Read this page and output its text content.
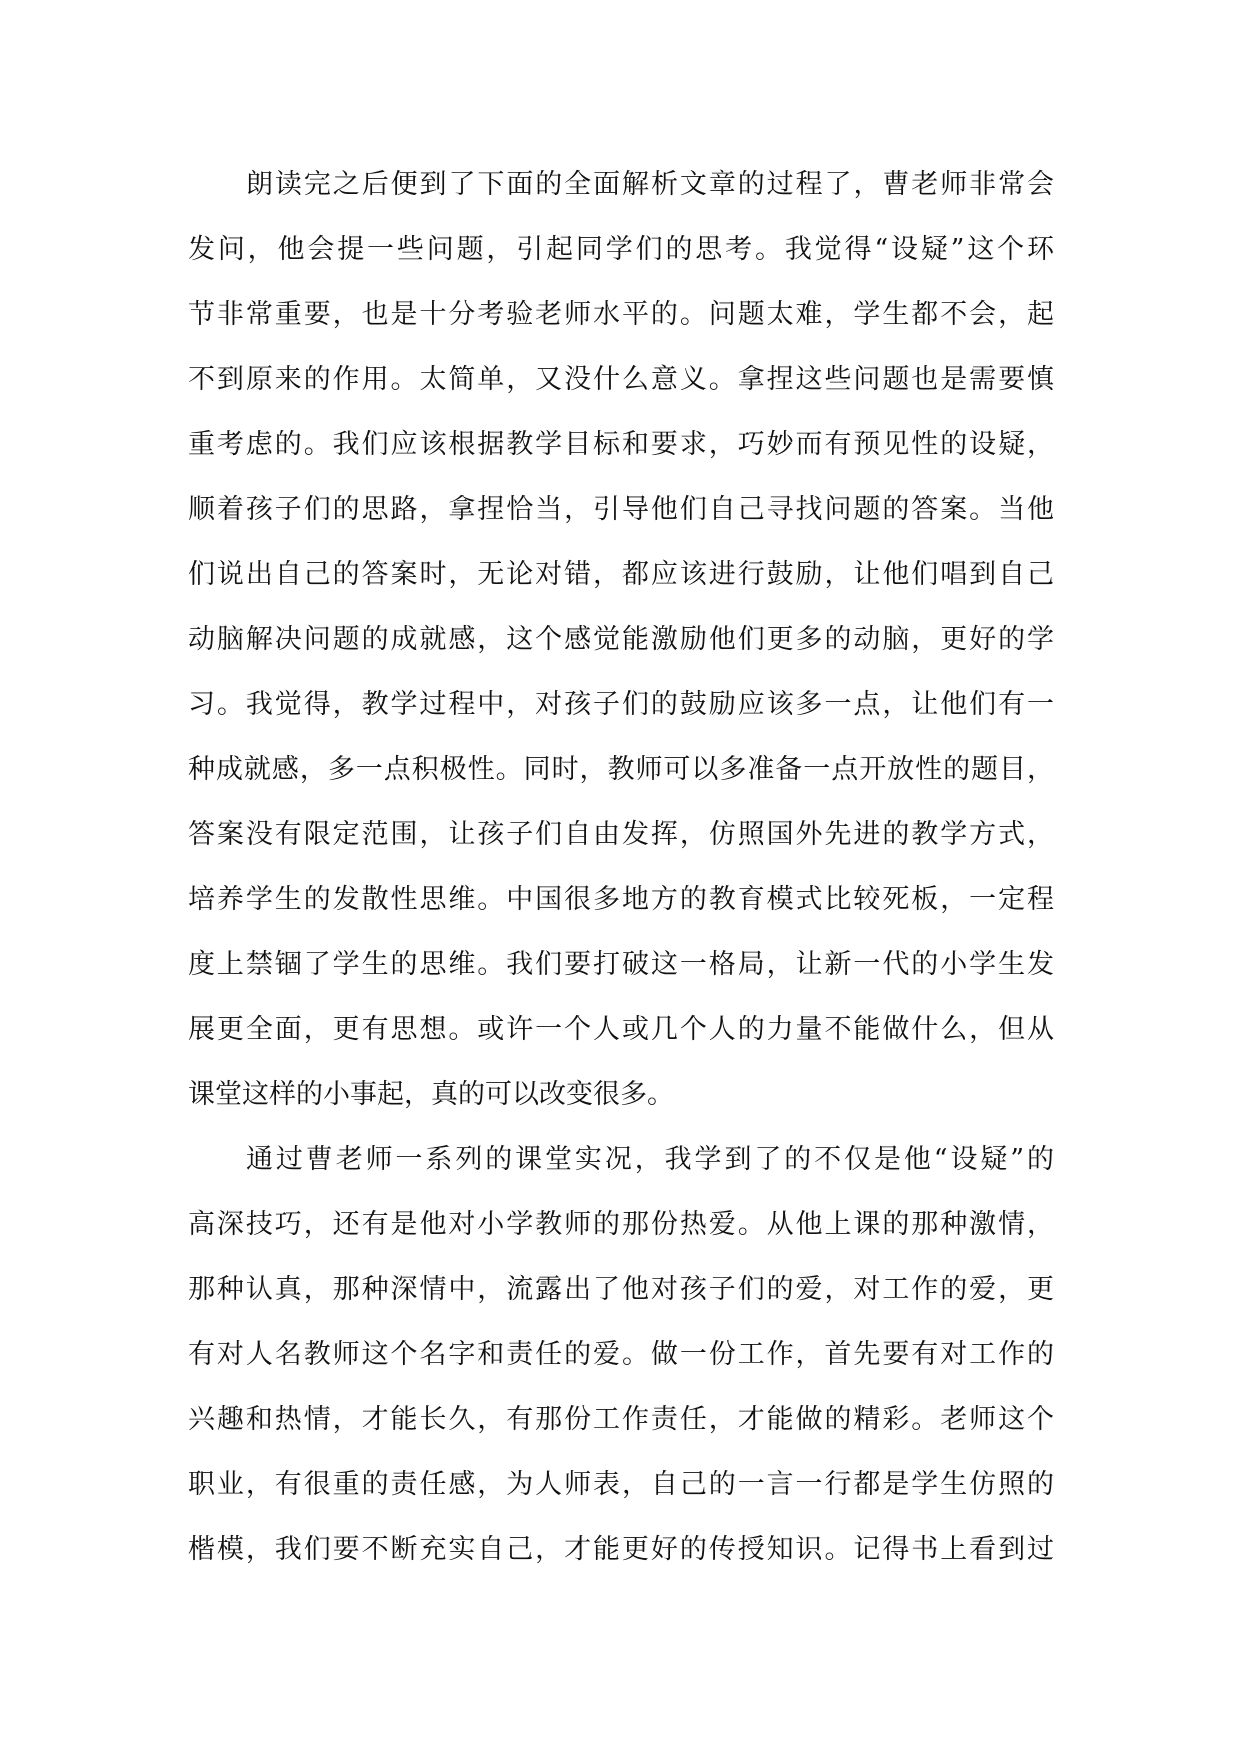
朗读完之后便到了下面的全面解析文章的过程了，曹老师非常会
发问，他会提一些问题，引起同学们的思考。我觉得“设疑”这个环
节非常重要，也是十分考验老师水平的。问题太难，学生都不会，起
不到原来的作用。太简单，又没什么意义。拿捏这些问题也是需要慎
重考虑的。我们应该根据教学目标和要求，巧妙而有预见性的设疑，
顺着孩子们的思路，拿捏恰当，引导他们自己寻找问题的答案。当他
们说出自己的答案时，无论对错，都应该进行鼓励，让他们唱到自己
动脑解决问题的成就感，这个感觉能激励他们更多的动脑，更好的学
习。我觉得，教学过程中，对孩子们的鼓励应该多一点，让他们有一
种成就感，多一点积极性。同时，教师可以多准备一点开放性的题目，
答案没有限定范围，让孩子们自由发挥，仿照国外先进的教学方式，
培养学生的发散性思维。中国很多地方的教育模式比较死板，一定程
度上禁锢了学生的思维。我们要打破这一格局，让新一代的小学生发
展更全面，更有思想。或许一个人或几个人的力量不能做什么，但从
课堂这样的小事起，真的可以改变很多。
通过曹老师一系列的课堂实况，我学到了的不仅是他“设疑”的
高深技巧，还有是他对小学教师的那份热爱。从他上课的那种激情，
那种认真，那种深情中，流露出了他对孩子们的爱，对工作的爱，更
有对人名教师这个名字和责任的爱。做一份工作，首先要有对工作的
兴趣和热情，才能长久，有那份工作责任，才能做的精彩。老师这个
职业，有很重的责任感，为人师表，自己的一言一行都是学生仿照的
楷模，我们要不断充实自己，才能更好的传授知识。记得书上看到过
